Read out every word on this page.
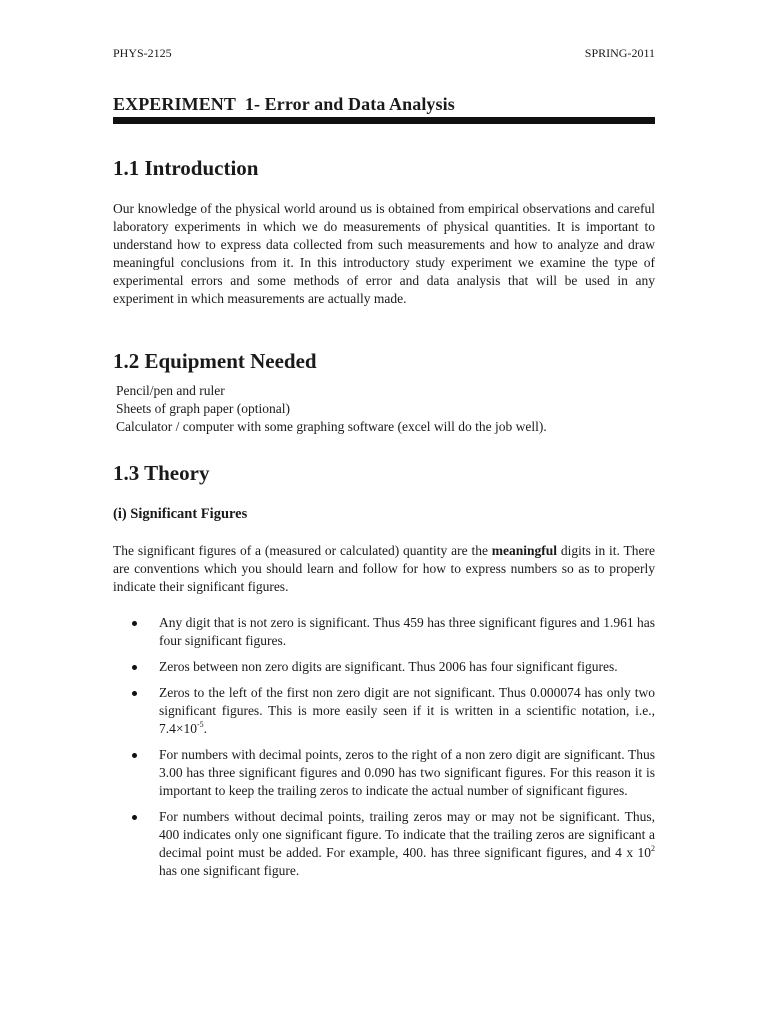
PHYS-2125	SPRING-2011
EXPERIMENT  1- Error and Data Analysis
1.1 Introduction

Our knowledge of the physical world around us is obtained from empirical observations and careful laboratory experiments in which we do measurements of physical quantities. It is important to understand how to express data collected from such measurements and how to analyze and draw meaningful conclusions from it. In this introductory study experiment we examine the type of experimental errors and some methods of error and data analysis that will be used in any experiment in which measurements are actually made.

1.2 Equipment Needed
Pencil/pen and ruler
Sheets of graph paper (optional)
Calculator / computer with some graphing software (excel will do the job well).
1.3 Theory
(i) Significant Figures

The significant figures of a (measured or calculated) quantity are the meaningful digits in it. There are conventions which you should learn and follow for how to express numbers so as to properly indicate their significant figures.

Any digit that is not zero is significant. Thus 459 has three significant figures and 1.961 has four significant figures.
Zeros between non zero digits are significant. Thus 2006 has four significant figures.
Zeros to the left of the first non zero digit are not significant. Thus 0.000074 has only two significant figures. This is more easily seen if it is written in a scientific notation, i.e., $7.4\times 10^{-5}$.
For numbers with decimal points, zeros to the right of a non zero digit are significant. Thus 3.00 has three significant figures and 0.090 has two significant figures. For this reason it is important to keep the trailing zeros to indicate the actual number of significant figures.
For numbers without decimal points, trailing zeros may or may not be significant. Thus, 400 indicates only one significant figure. To indicate that the trailing zeros are significant a decimal point must be added. For example, 400. has three significant figures, and 4 x $10^2$ has one significant figure.
